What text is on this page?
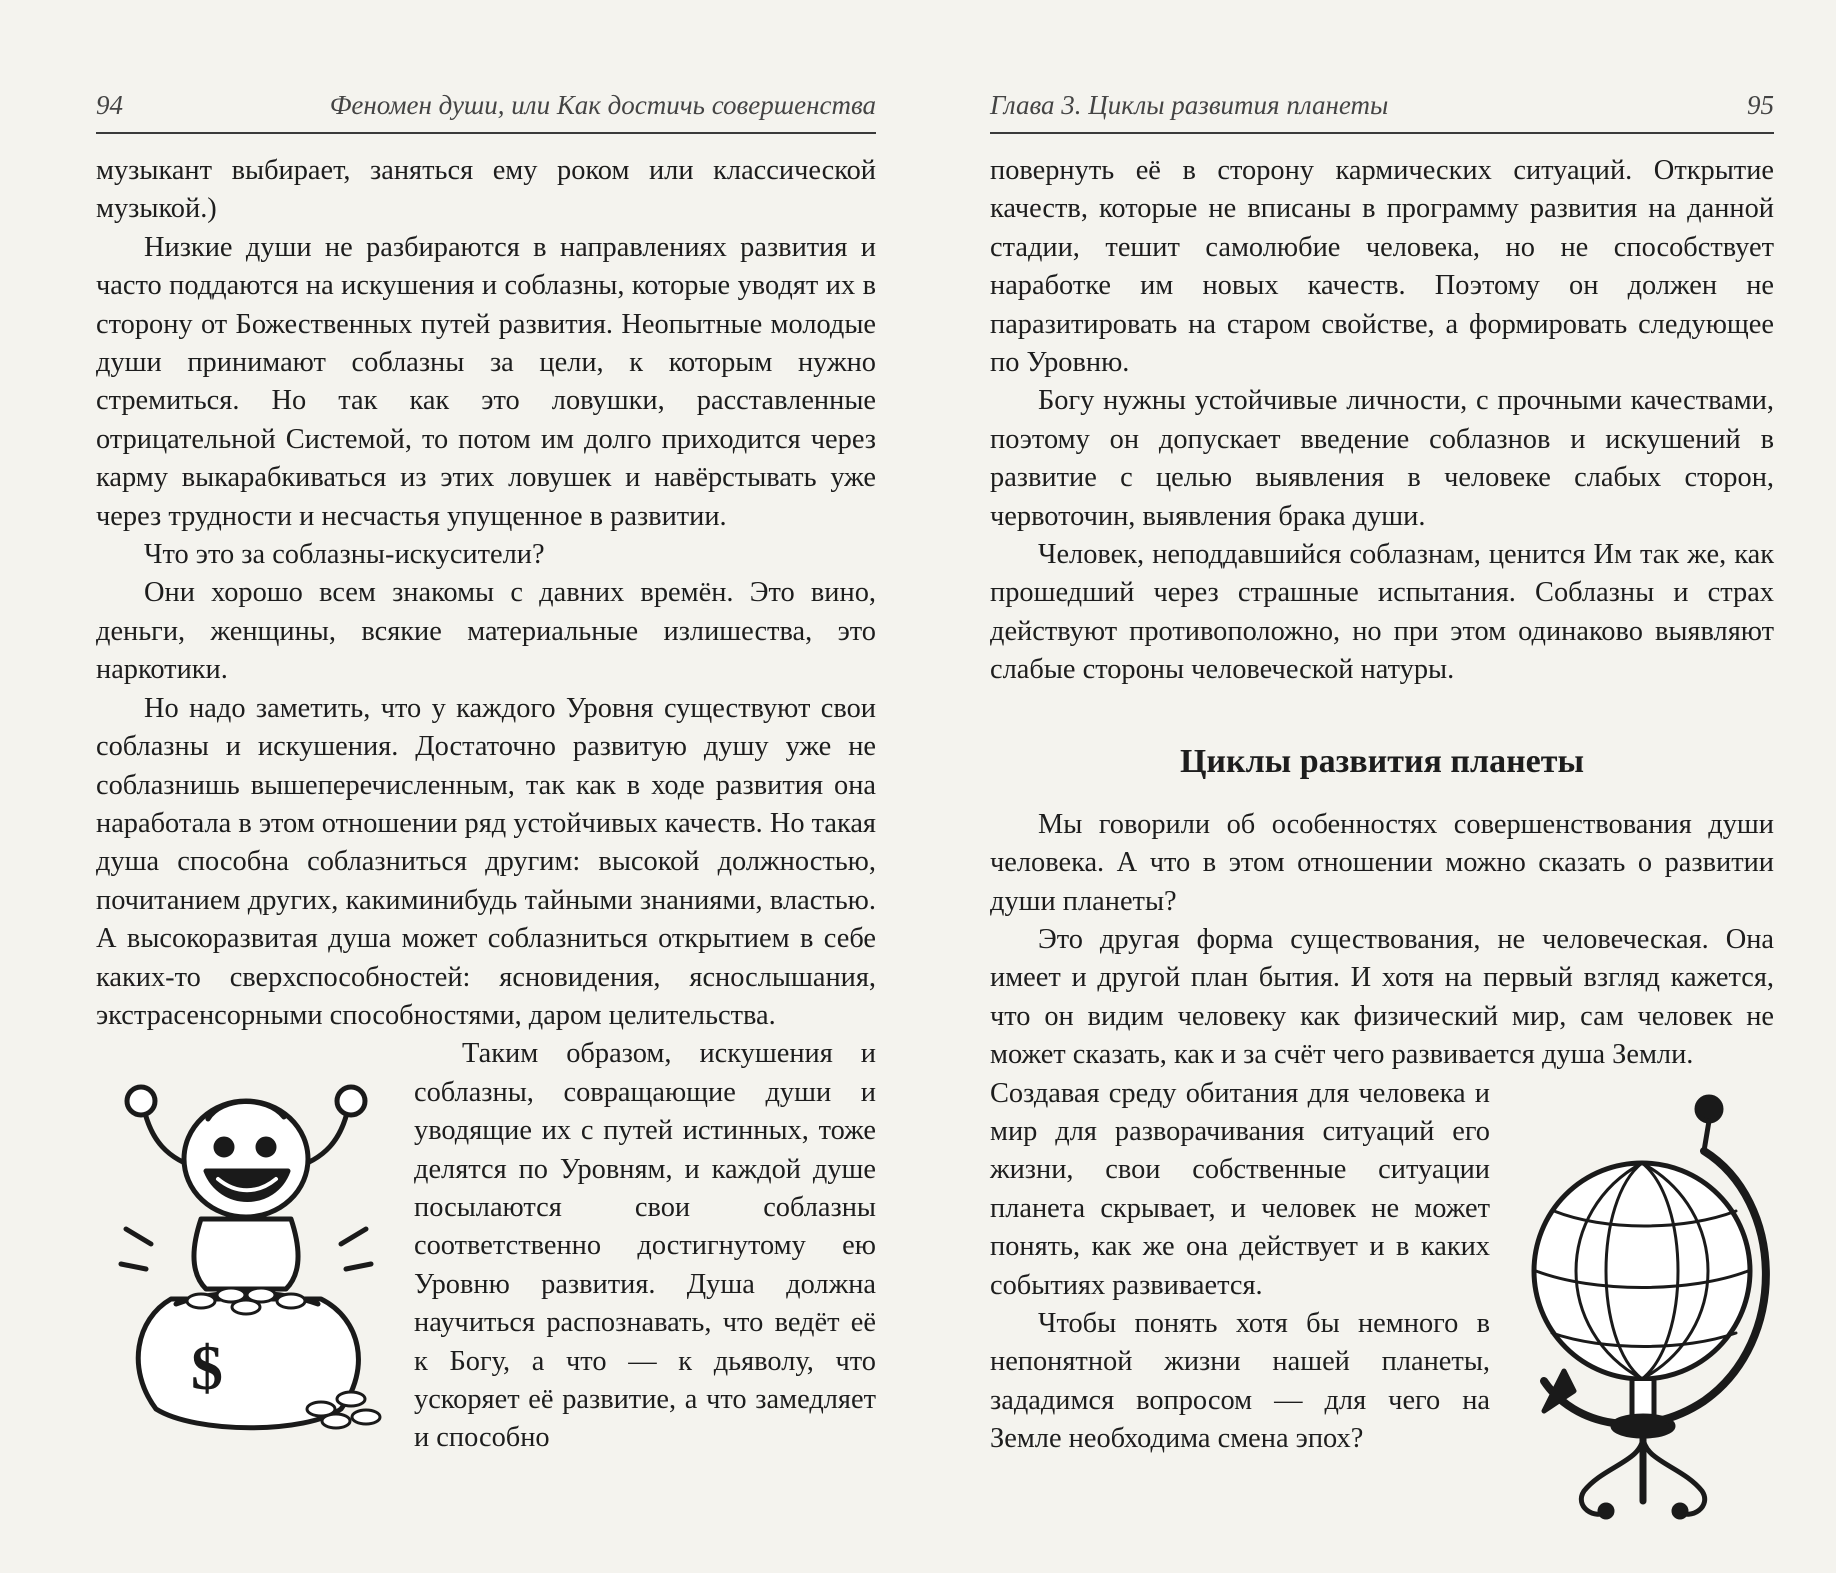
94	Феномен души, или Как достичь совершенства

музыкант выбирает, заняться ему роком или классической музыкой.)

Низкие души не разбираются в направлениях развития и часто поддаются на искушения и соблазны, которые уводят их в сторону от Божественных путей развития. Неопытные молодые души принимают соблазны за цели, к которым нужно стремиться. Но так как это ловушки, расставленные отрицательной Системой, то потом им долго приходится через карму выкарабкиваться из этих ловушек и навёрстывать уже через трудности и несчастья упущенное в развитии.

Что это за соблазны-искусители?

Они хорошо всем знакомы с давних времён. Это вино, деньги, женщины, всякие материальные излишества, это наркотики.

Но надо заметить, что у каждого Уровня существуют свои соблазны и искушения. Достаточно развитую душу уже не соблазнишь вышеперечисленным, так как в ходе развития она наработала в этом отношении ряд устойчивых качеств. Но такая душа способна соблазниться другим: высокой должностью, почитанием других, какиминибудь тайными знаниями, властью. А высокоразвитая душа может соблазниться открытием в себе каких-то сверхспособностей: ясновидения, яснослышания, экстрасенсорными способностями, даром целительства.

$

Таким образом, искушения и соблазны, совращающие души и уводящие их с путей истинных, тоже делятся по Уровням, и каждой душе посылаются свои соблазны соответственно достигнутому ею Уровню развития. Душа должна научиться распознавать, что ведёт её к Богу, а что — к дьяволу, что ускоряет её развитие, а что замедляет и способно

Глава 3. Циклы развития планеты	95

повернуть её в сторону кармических ситуаций. Открытие качеств, которые не вписаны в программу развития на данной стадии, тешит самолюбие человека, но не способствует наработке им новых качеств. Поэтому он должен не паразитировать на старом свойстве, а формировать следующее по Уровню.

Богу нужны устойчивые личности, с прочными качествами, поэтому он допускает введение соблазнов и искушений в развитие с целью выявления в человеке слабых сторон, червоточин, выявления брака души.

Человек, неподдавшийся соблазнам, ценится Им так же, как прошедший через страшные испытания. Соблазны и страх действуют противоположно, но при этом одинаково выявляют слабые стороны человеческой натуры.

Циклы развития планеты

Мы говорили об особенностях совершенствования души человека. А что в этом отношении можно сказать о развитии души планеты?

Это другая форма существования, не человеческая. Она имеет и другой план бытия. И хотя на первый взгляд кажется, что он видим человеку как физический мир, сам человек не может сказать, как и за счёт чего развивается душа Земли.

Создавая среду обитания для человека и мир для разворачивания ситуаций его жизни, свои собственные ситуации планета скрывает, и человек не может понять, как же она действует и в каких событиях развивается.

Чтобы понять хотя бы немного в непонятной жизни нашей планеты, зададимся вопросом — для чего на Земле необходима смена эпох?
